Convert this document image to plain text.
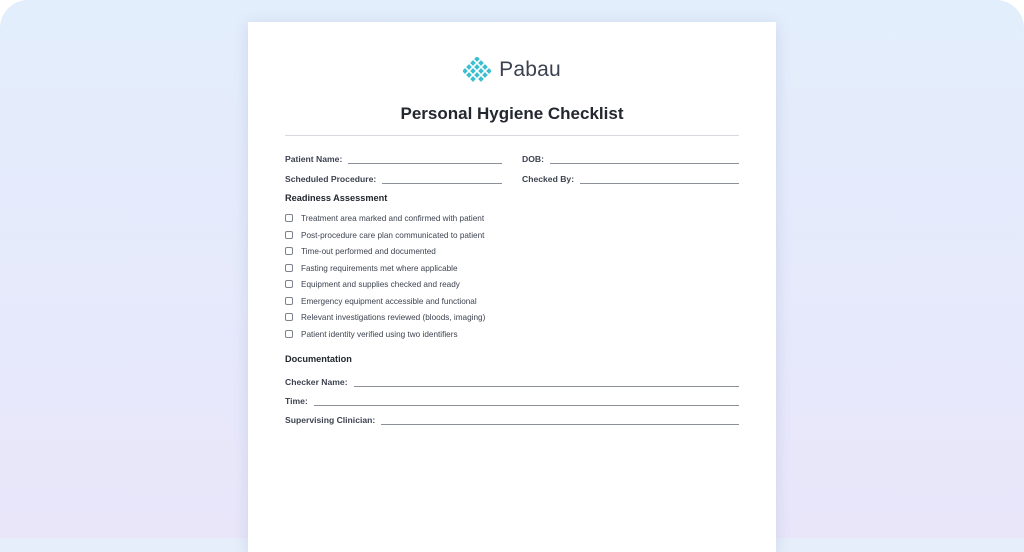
Pabau
Personal Hygiene Checklist
Patient Name:	DOB:
Scheduled Procedure:	Checked By:
Readiness Assessment
Treatment area marked and confirmed with patient
Post-procedure care plan communicated to patient
Time-out performed and documented
Fasting requirements met where applicable
Equipment and supplies checked and ready
Emergency equipment accessible and functional
Relevant investigations reviewed (bloods, imaging)
Patient identity verified using two identifiers
Documentation
Checker Name:
Time:
Supervising Clinician:
